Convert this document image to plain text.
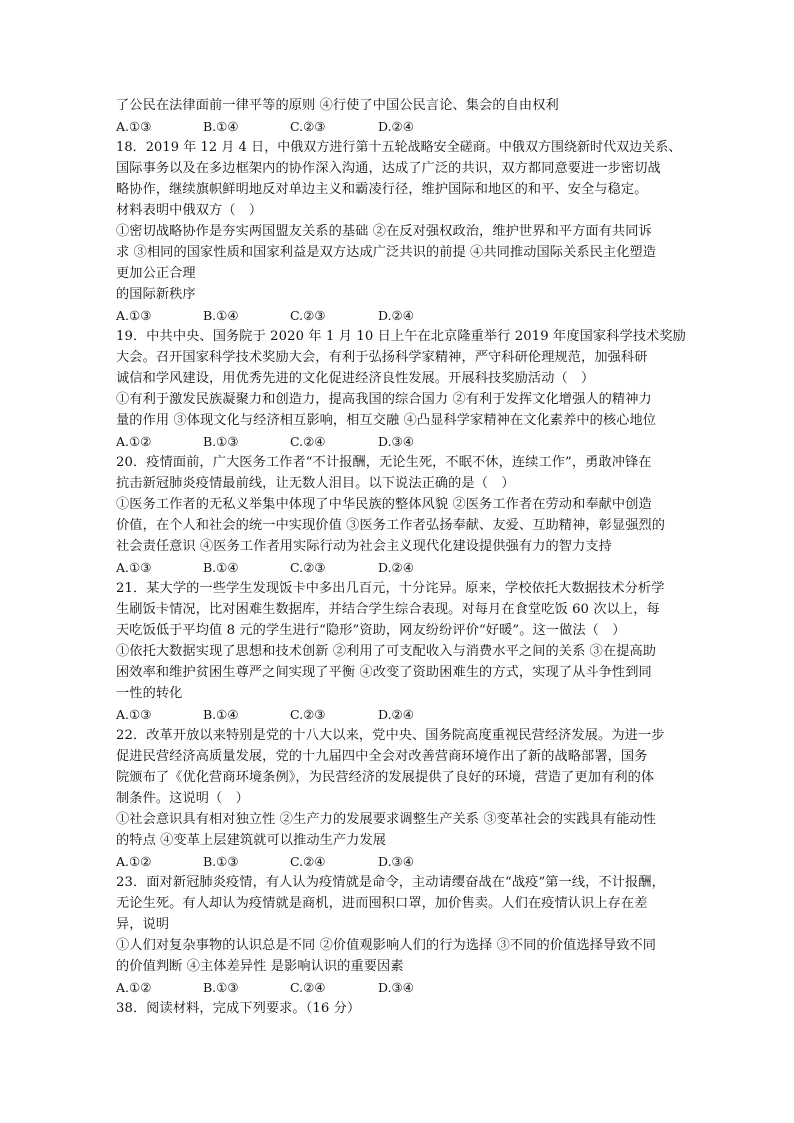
了公民在法律面前一律平等的原则 ④行使了中国公民言论、集会的自由权利
A.①③	B.①④	C.②③	D.②④
18．2019 年 12 月 4 日，中俄双方进行第十五轮战略安全磋商。中俄双方围绕新时代双边关系、
国际事务以及在多边框架内的协作深入沟通，达成了广泛的共识，双方都同意要进一步密切战
略协作，继续旗帜鲜明地反对单边主义和霸凌行径，维护国际和地区的和平、安全与稳定。
材料表明中俄双方（　）
①密切战略协作是夯实两国盟友关系的基础 ②在反对强权政治，维护世界和平方面有共同诉
求 ③相同的国家性质和国家利益是双方达成广泛共识的前提 ④共同推动国际关系民主化塑造
更加公正合理
的国际新秩序
A.①③	B.①④	C.②③	D.②④
19．中共中央、国务院于 2020 年 1 月 10 日上午在北京隆重举行 2019 年度国家科学技术奖励
大会。召开国家科学技术奖励大会，有利于弘扬科学家精神，严守科研伦理规范，加强科研
诚信和学风建设，用优秀先进的文化促进经济良性发展。开展科技奖励活动（　）
①有利于激发民族凝聚力和创造力，提高我国的综合国力 ②有利于发挥文化增强人的精神力
量的作用 ③体现文化与经济相互影响，相互交融 ④凸显科学家精神在文化素养中的核心地位
A.①②	B.①③	C.②④	D.③④
20．疫情面前，广大医务工作者“不计报酬，无论生死，不眠不休，连续工作”，勇敢冲锋在
抗击新冠肺炎疫情最前线，让无数人泪目。以下说法正确的是（　）
①医务工作者的无私义举集中体现了中华民族的整体风貌 ②医务工作者在劳动和奉献中创造
价值，在个人和社会的统一中实现价值 ③医务工作者弘扬奉献、友爱、互助精神，彰显强烈的
社会责任意识 ④医务工作者用实际行动为社会主义现代化建设提供强有力的智力支持
A.①③	B.①④	C.②③	D.②④
21．某大学的一些学生发现饭卡中多出几百元，十分诧异。原来，学校依托大数据技术分析学
生刷饭卡情况，比对困难生数据库，并结合学生综合表现。对每月在食堂吃饭 60 次以上，每
天吃饭低于平均值 8 元的学生进行“隐形”资助，网友纷纷评价“好暖”。这一做法（　）
①依托大数据实现了思想和技术创新 ②利用了可支配收入与消费水平之间的关系 ③在提高助
困效率和维护贫困生尊严之间实现了平衡 ④改变了资助困难生的方式，实现了从斗争性到同
一性的转化
A.①③	B.①④	C.②③	D.②④
22．改革开放以来特别是党的十八大以来，党中央、国务院高度重视民营经济发展。为进一步
促进民营经济高质量发展，党的十九届四中全会对改善营商环境作出了新的战略部署，国务
院颁布了《优化营商环境条例》，为民营经济的发展提供了良好的环境，营造了更加有利的体
制条件。这说明（　）
①社会意识具有相对独立性 ②生产力的发展要求调整生产关系 ③变革社会的实践具有能动性
的特点 ④变革上层建筑就可以推动生产力发展
A.①②	B.①③	C.②④	D.③④
23．面对新冠肺炎疫情，有人认为疫情就是命令，主动请缨奋战在“战疫”第一线，不计报酬，
无论生死。有人却认为疫情就是商机，进而囤积口罩，加价售卖。人们在疫情认识上存在差
异，说明
①人们对复杂事物的认识总是不同 ②价值观影响人们的行为选择 ③不同的价值选择导致不同
的价值判断 ④主体差异性 是影响认识的重要因素
A.①②	B.①③	C.②④	D.③④
38．阅读材料，完成下列要求。（16 分）
